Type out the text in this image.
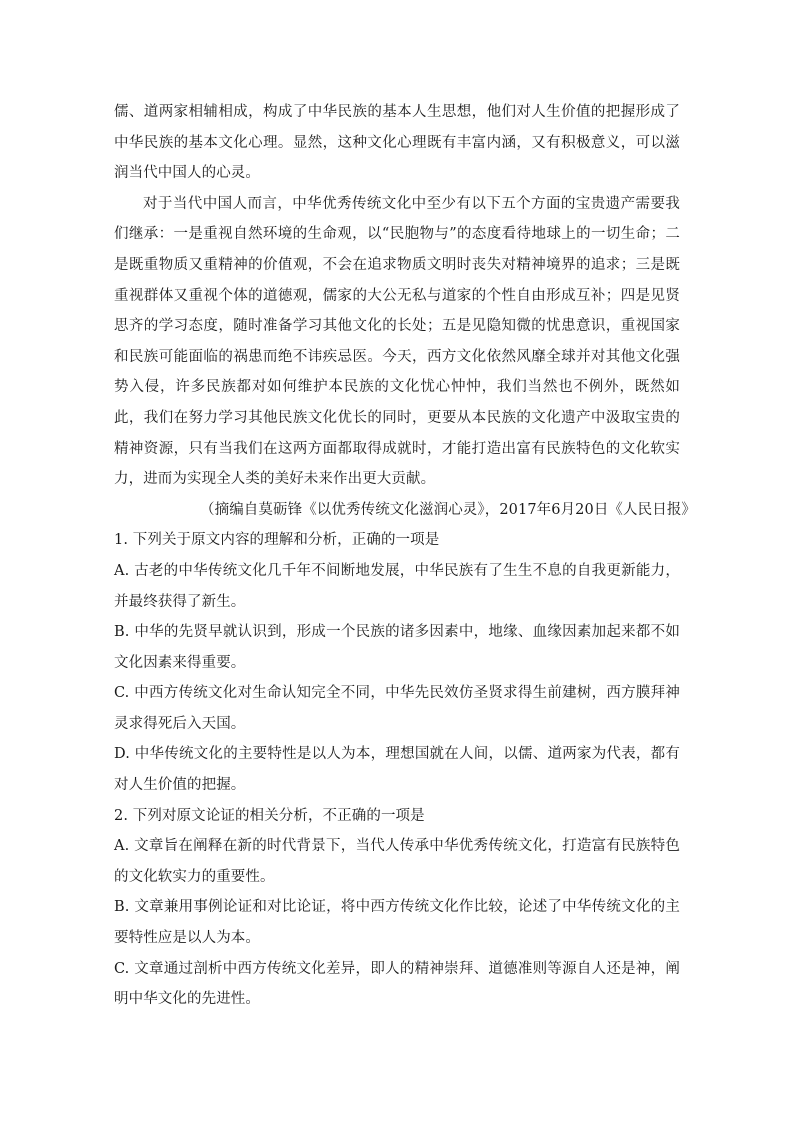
儒、道两家相辅相成，构成了中华民族的基本人生思想，他们对人生价值的把握形成了中华民族的基本文化心理。显然，这种文化心理既有丰富内涵，又有积极意义，可以滋润当代中国人的心灵。

对于当代中国人而言，中华优秀传统文化中至少有以下五个方面的宝贵遗产需要我们继承：一是重视自然环境的生命观，以“民胞物与”的态度看待地球上的一切生命；二是既重物质又重精神的价值观，不会在追求物质文明时丧失对精神境界的追求；三是既重视群体又重视个体的道德观，儒家的大公无私与道家的个性自由形成互补；四是见贤思齐的学习态度，随时准备学习其他文化的长处；五是见隐知微的忧患意识，重视国家和民族可能面临的祸患而绝不讳疾忌医。今天，西方文化依然风靡全球并对其他文化强势入侵，许多民族都对如何维护本民族的文化忧心忡忡，我们当然也不例外，既然如此，我们在努力学习其他民族文化优长的同时，更要从本民族的文化遗产中汲取宝贵的精神资源，只有当我们在这两方面都取得成就时，才能打造出富有民族特色的文化软实力，进而为实现全人类的美好未来作出更大贡献。

（摘编自莫砺锋《以优秀传统文化滋润心灵》，2017年6月20日《人民日报》

1. 下列关于原文内容的理解和分析，正确的一项是

A. 古老的中华传统文化几千年不间断地发展，中华民族有了生生不息的自我更新能力，并最终获得了新生。

B. 中华的先贤早就认识到，形成一个民族的诸多因素中，地缘、血缘因素加起来都不如文化因素来得重要。

C. 中西方传统文化对生命认知完全不同，中华先民效仿圣贤求得生前建树，西方膜拜神灵求得死后入天国。

D. 中华传统文化的主要特性是以人为本，理想国就在人间，以儒、道两家为代表，都有对人生价值的把握。

2. 下列对原文论证的相关分析，不正确的一项是

A. 文章旨在阐释在新的时代背景下，当代人传承中华优秀传统文化，打造富有民族特色的文化软实力的重要性。

B. 文章兼用事例论证和对比论证，将中西方传统文化作比较，论述了中华传统文化的主要特性应是以人为本。

C. 文章通过剖析中西方传统文化差异，即人的精神崇拜、道德准则等源自人还是神，阐明中华文化的先进性。
